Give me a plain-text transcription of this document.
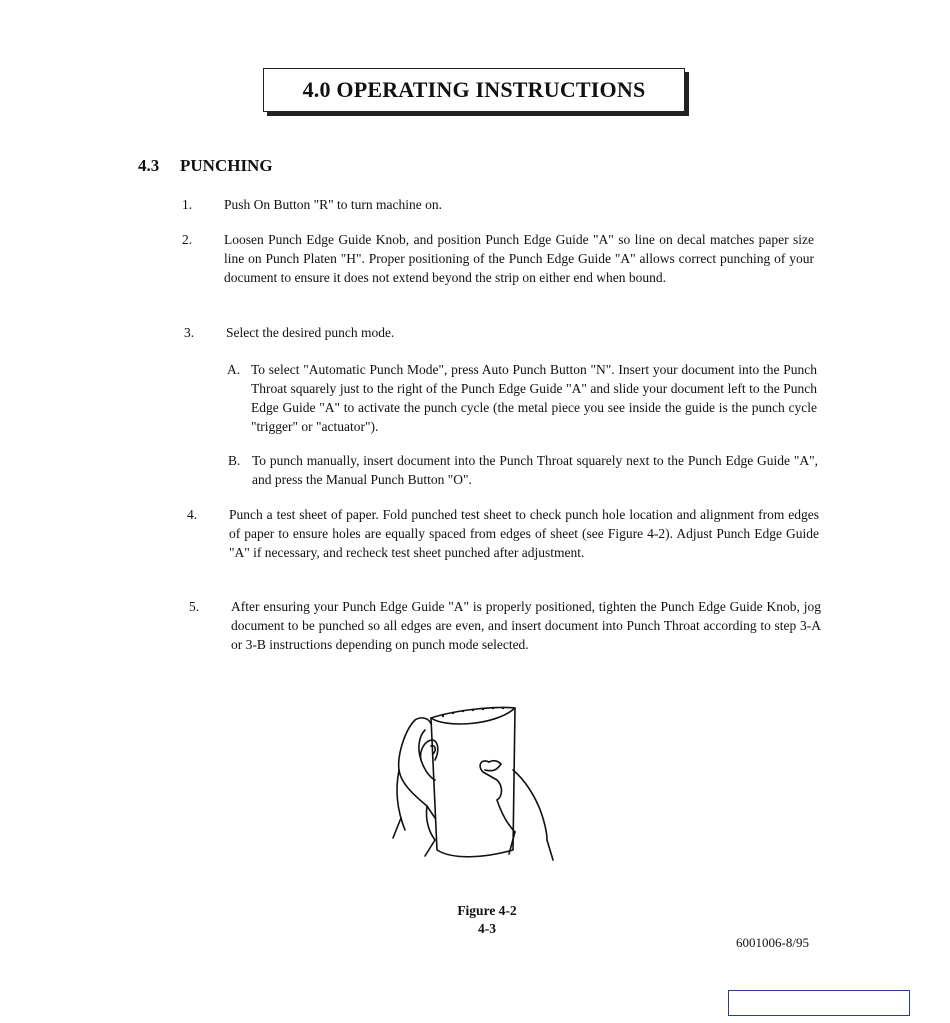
4.0 OPERATING INSTRUCTIONS
4.3 PUNCHING
1. Push On Button "R" to turn machine on.

2. Loosen Punch Edge Guide Knob, and position Punch Edge Guide "A" so line on decal matches paper size line on Punch Platen "H". Proper positioning of the Punch Edge Guide "A" allows correct punching of your document to ensure it does not extend beyond the strip on either end when bound.

3. Select the desired punch mode.

A. To select "Automatic Punch Mode", press Auto Punch Button "N". Insert your document into the Punch Throat squarely just to the right of the Punch Edge Guide "A" and slide your document left to the Punch Edge Guide "A" to activate the punch cycle (the metal piece you see inside the guide is the punch cycle "trigger" or "actuator").

B. To punch manually, insert document into the Punch Throat squarely next to the Punch Edge Guide "A", and press the Manual Punch Button "O".

4. Punch a test sheet of paper. Fold punched test sheet to check punch hole location and alignment from edges of paper to ensure holes are equally spaced from edges of sheet (see Figure 4-2). Adjust Punch Edge Guide "A" if necessary, and recheck test sheet punched after adjustment.

5. After ensuring your Punch Edge Guide "A" is properly positioned, tighten the Punch Edge Guide Knob, jog document to be punched so all edges are even, and insert document into Punch Throat according to step 3-A or 3-B instructions depending on punch mode selected.

Figure 4-2
4-3
6001006-8/95
